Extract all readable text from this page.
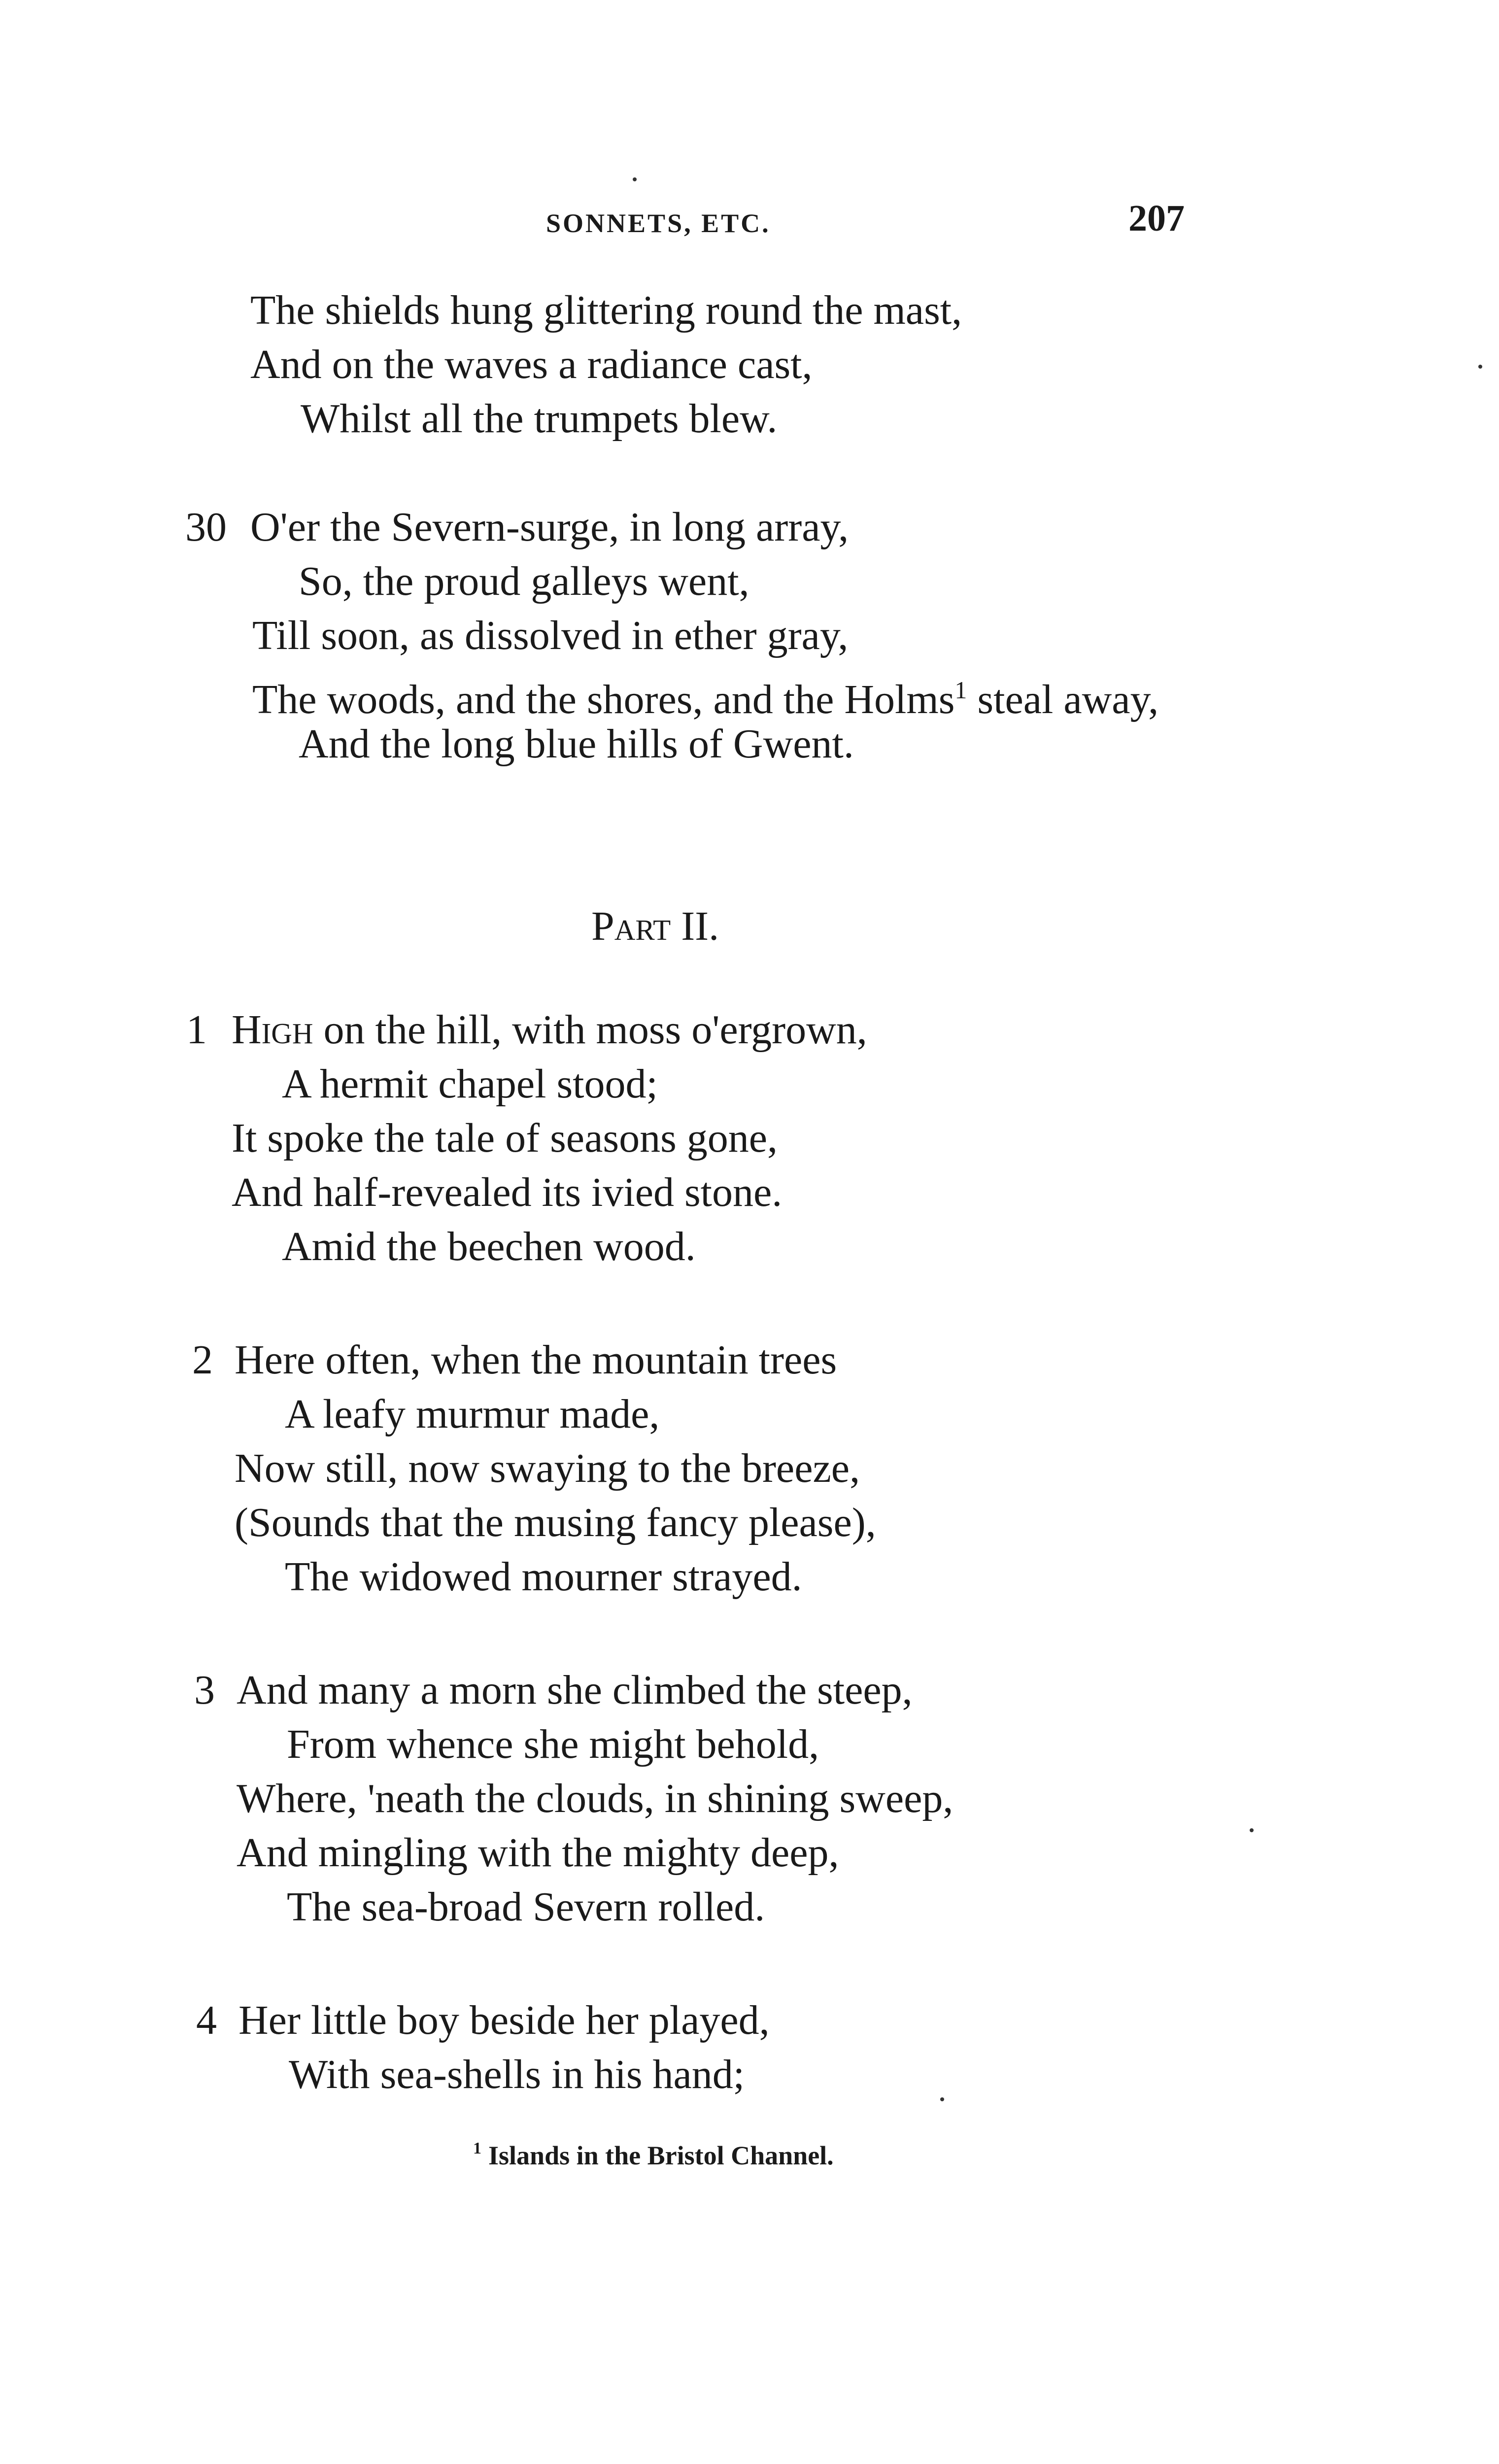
SONNETS, ETC.	207
The shields hung glittering round the mast,
And on the waves a radiance cast,
Whilst all the trumpets blew.
30 O'er the Severn-surge, in long array,
So, the proud galleys went,
Till soon, as dissolved in ether gray,
The woods, and the shores, and the Holms$^1$ steal away,
And the long blue hills of Gwent.
Part II.
1 High on the hill, with moss o'ergrown,
A hermit chapel stood;
It spoke the tale of seasons gone,
And half-revealed its ivied stone.
Amid the beechen wood.
2 Here often, when the mountain trees
A leafy murmur made,
Now still, now swaying to the breeze,
(Sounds that the musing fancy please),
The widowed mourner strayed.
3 And many a morn she climbed the steep,
From whence she might behold,
Where, 'neath the clouds, in shining sweep,
And mingling with the mighty deep,
The sea-broad Severn rolled.
4 Her little boy beside her played,
With sea-shells in his hand;
$^1$ Islands in the Bristol Channel.
